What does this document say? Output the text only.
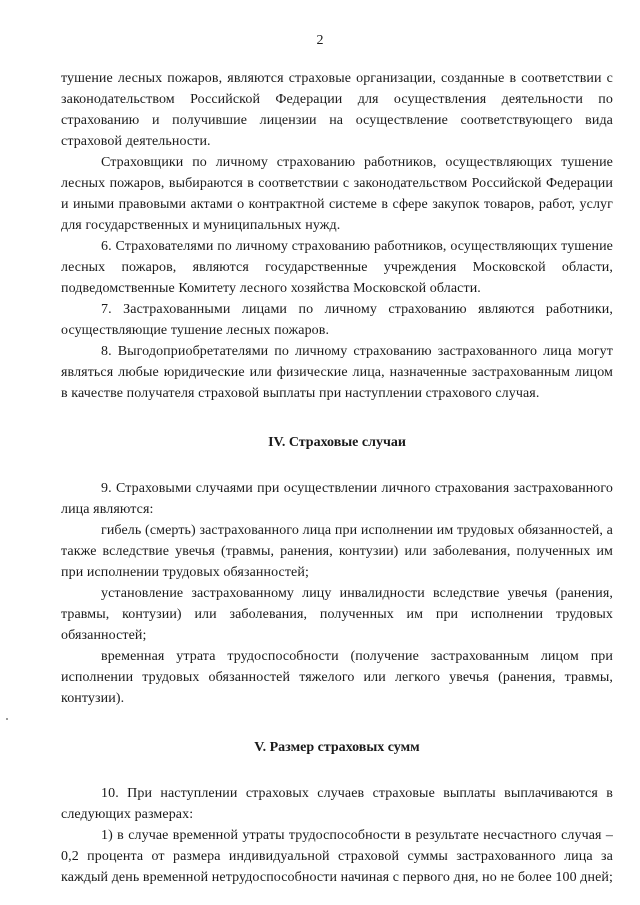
2

тушение лесных пожаров, являются страховые организации, созданные в соответствии с законодательством Российской Федерации для осуществления деятельности по страхованию и получившие лицензии на осуществление соответствующего вида страховой деятельности.

Страховщики по личному страхованию работников, осуществляющих тушение лесных пожаров, выбираются в соответствии с законодательством Российской Федерации и иными правовыми актами о контрактной системе в сфере закупок товаров, работ, услуг для государственных и муниципальных нужд.

6. Страхователями по личному страхованию работников, осуществляющих тушение лесных пожаров, являются государственные учреждения Московской области, подведомственные Комитету лесного хозяйства Московской области.

7. Застрахованными лицами по личному страхованию являются работники, осуществляющие тушение лесных пожаров.

8. Выгодоприобретателями по личному страхованию застрахованного лица могут являться любые юридические или физические лица, назначенные застрахованным лицом в качестве получателя страховой выплаты при наступлении страхового случая.

IV. Страховые случаи

9. Страховыми случаями при осуществлении личного страхования застрахованного лица являются:

гибель (смерть) застрахованного лица при исполнении им трудовых обязанностей, а также вследствие увечья (травмы, ранения, контузии) или заболевания, полученных им при исполнении трудовых обязанностей;

установление застрахованному лицу инвалидности вследствие увечья (ранения, травмы, контузии) или заболевания, полученных им при исполнении трудовых обязанностей;

временная утрата трудоспособности (получение застрахованным лицом при исполнении трудовых обязанностей тяжелого или легкого увечья (ранения, травмы, контузии).

V. Размер страховых сумм

10. При наступлении страховых случаев страховые выплаты выплачиваются в следующих размерах:

1) в случае временной утраты трудоспособности в результате несчастного случая – 0,2 процента от размера индивидуальной страховой суммы застрахованного лица за каждый день временной нетрудоспособности начиная с первого дня, но не более 100 дней;
